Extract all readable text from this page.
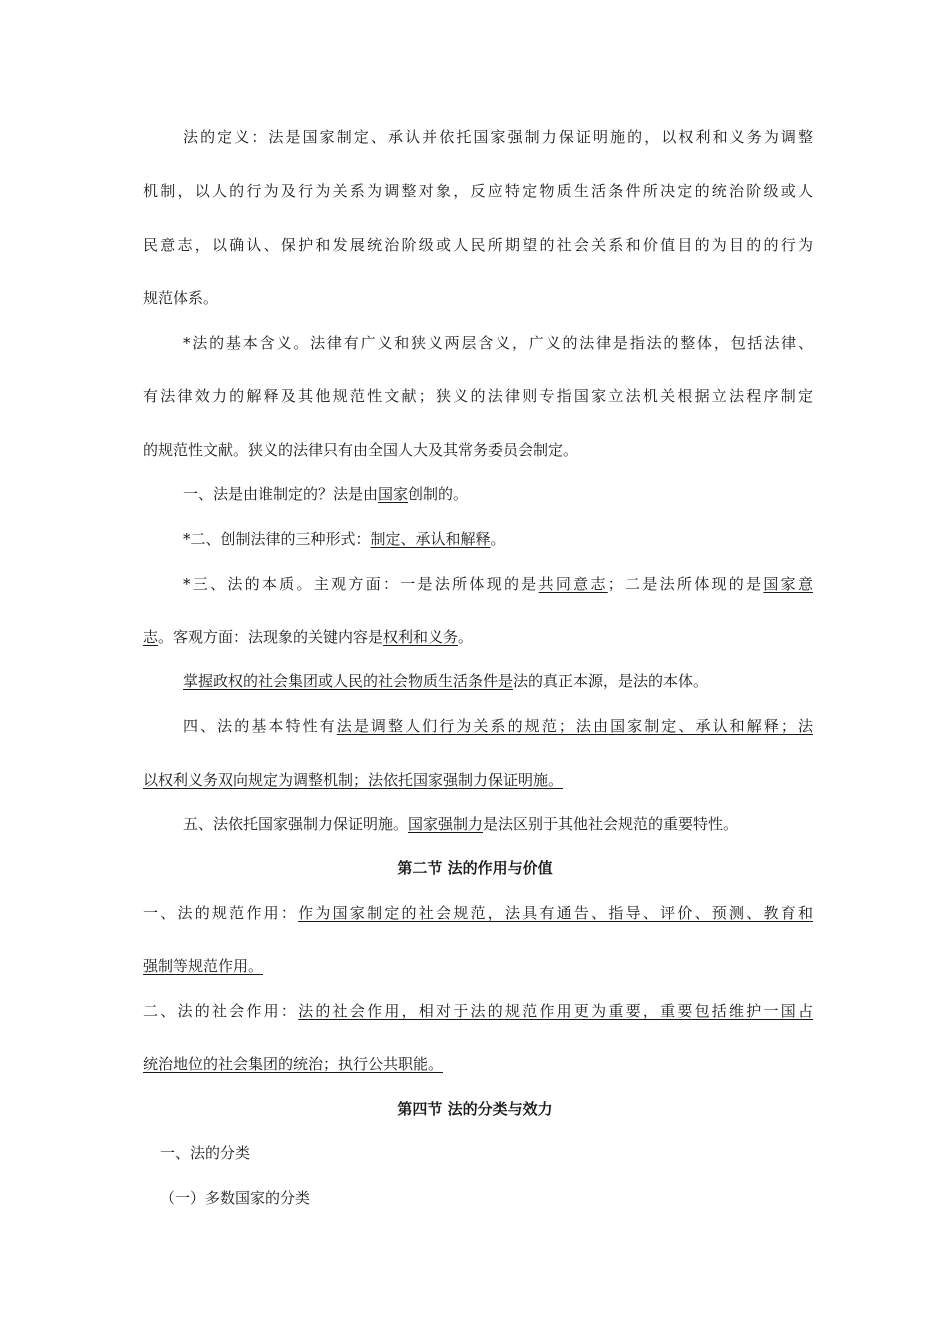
法的定义：法是国家制定、承认并依托国家强制力保证明施的，以权利和义务为调整
机制，以人的行为及行为关系为调整对象，反应特定物质生活条件所决定的统治阶级或人
民意志，以确认、保护和发展统治阶级或人民所期望的社会关系和价值目的为目的的行为
规范体系。
*法的基本含义。法律有广义和狭义两层含义，广义的法律是指法的整体，包括法律、
有法律效力的解释及其他规范性文献；狭义的法律则专指国家立法机关根据立法程序制定
的规范性文献。狭义的法律只有由全国人大及其常务委员会制定。
一、法是由谁制定的？法是由国家创制的。
*二、创制法律的三种形式：制定、承认和解释。
*三、法的本质。主观方面：一是法所体现的是共同意志；二是法所体现的是国家意
志。客观方面：法现象的关键内容是权利和义务。
掌握政权的社会集团或人民的社会物质生活条件是法的真正本源，是法的本体。
四、法的基本特性有法是调整人们行为关系的规范；法由国家制定、承认和解释；法
以权利义务双向规定为调整机制；法依托国家强制力保证明施。
五、法依托国家强制力保证明施。国家强制力是法区别于其他社会规范的重要特性。
第二节 法的作用与价值
一、法的规范作用：作为国家制定的社会规范，法具有通告、指导、评价、预测、教育和
强制等规范作用。
二、法的社会作用：法的社会作用，相对于法的规范作用更为重要，重要包括维护一国占
统治地位的社会集团的统治；执行公共职能。
第四节 法的分类与效力
一、法的分类
（一）多数国家的分类
